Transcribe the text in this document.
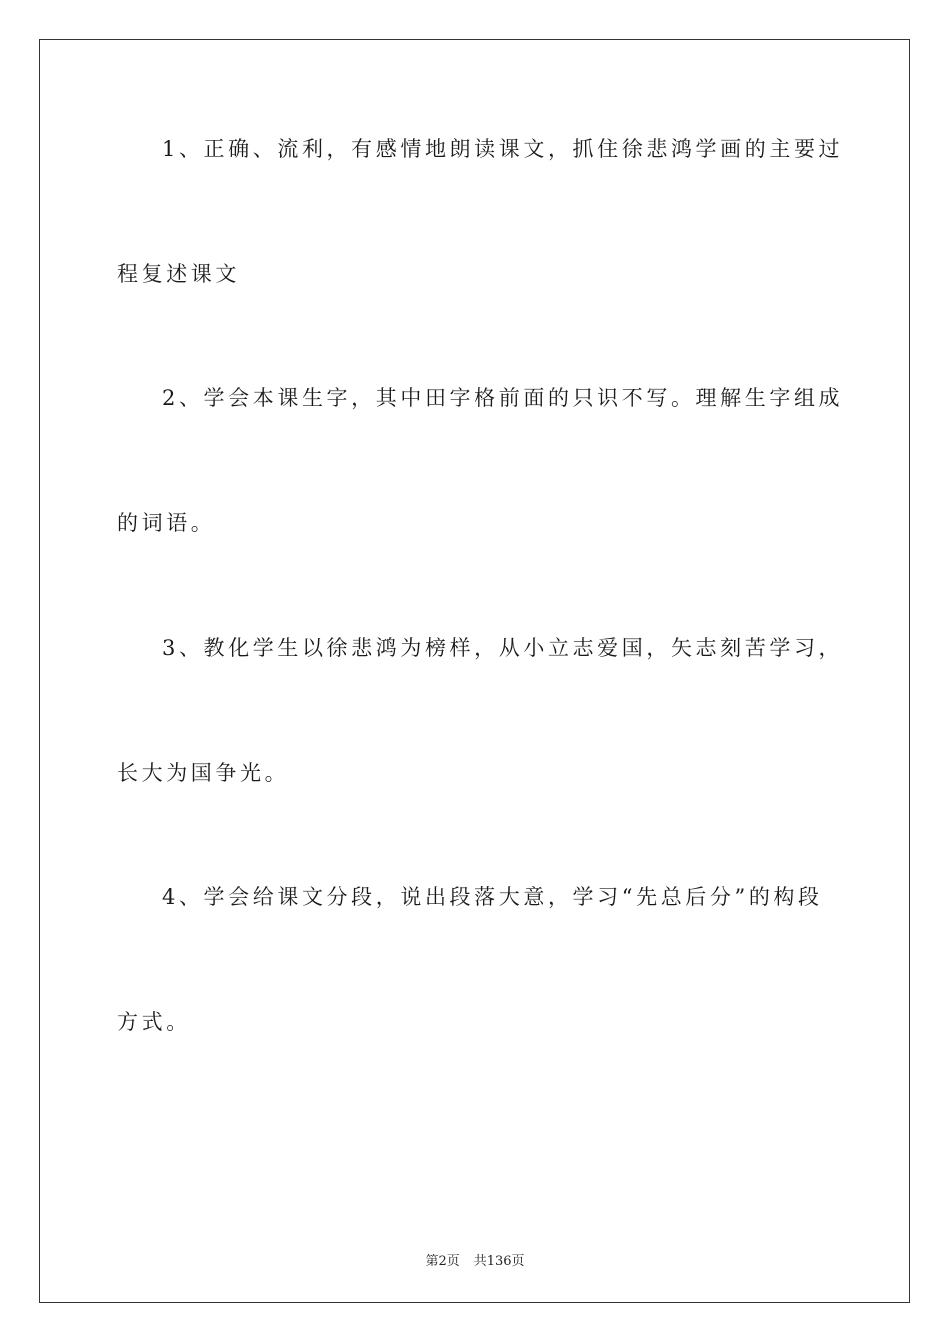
1、正确、流利，有感情地朗读课文，抓住徐悲鸿学画的主要过
程复述课文
2、学会本课生字，其中田字格前面的只识不写。理解生字组成
的词语。
3、教化学生以徐悲鸿为榜样，从小立志爱国，矢志刻苦学习，
长大为国争光。
4、学会给课文分段，说出段落大意，学习“先总后分”的构段
方式。
第2页 共136页
